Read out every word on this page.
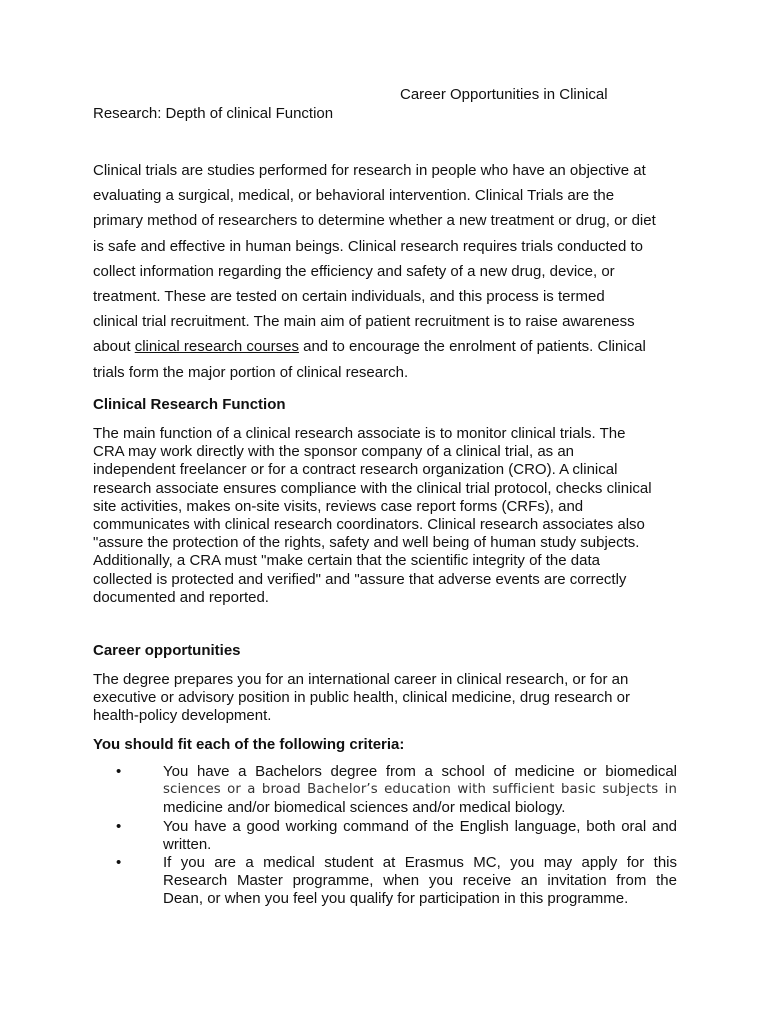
Career Opportunities in Clinical
Research: Depth of clinical Function
Clinical trials are studies performed for research in people who have an objective at
evaluating a surgical, medical, or behavioral intervention. Clinical Trials are the
primary method of researchers to determine whether a new treatment or drug, or diet
is safe and effective in human beings. Clinical research requires trials conducted to
collect information regarding the efficiency and safety of a new drug, device, or
treatment. These are tested on certain individuals, and this process is termed
clinical trial recruitment. The main aim of patient recruitment is to raise awareness
about clinical research courses and to encourage the enrolment of patients. Clinical
trials form the major portion of clinical research.
Clinical Research Function
The main function of a clinical research associate is to monitor clinical trials. The
CRA may work directly with the sponsor company of a clinical trial, as an
independent freelancer or for a contract research organization (CRO). A clinical
research associate ensures compliance with the clinical trial protocol, checks clinical
site activities, makes on-site visits, reviews case report forms (CRFs), and
communicates with clinical research coordinators. Clinical research associates also
"assure the protection of the rights, safety and well being of human study subjects.
Additionally, a CRA must "make certain that the scientific integrity of the data
collected is protected and verified" and "assure that adverse events are correctly
documented and reported.
Career opportunities
The degree prepares you for an international career in clinical research, or for an
executive or advisory position in public health, clinical medicine, drug research or
health-policy development.
You should fit each of the following criteria:
•	You have a Bachelors degree from a school of medicine or biomedical
sciences or a broad Bachelor’s education with sufficient basic subjects in
medicine and/or biomedical sciences and/or medical biology.
•	You have a good working command of the English language, both oral and
written.
•	If you are a medical student at Erasmus MC, you may apply for this
Research Master programme, when you receive an invitation from the
Dean, or when you feel you qualify for participation in this programme.
